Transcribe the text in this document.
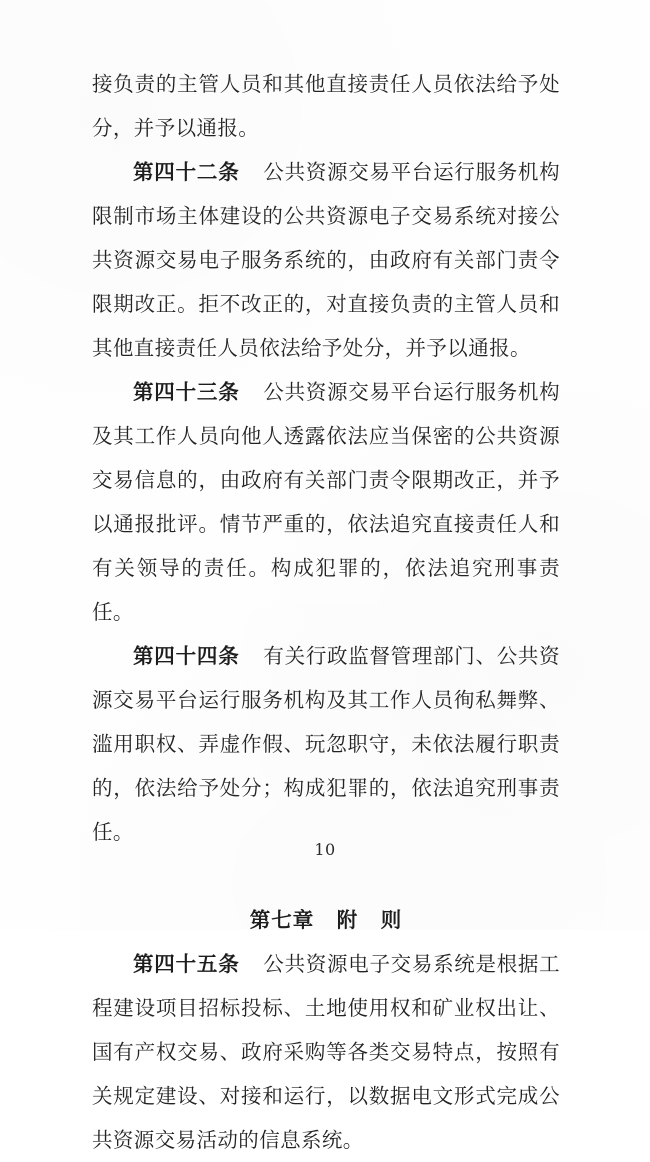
接负责的主管人员和其他直接责任人员依法给予处分，并予以通报。

第四十二条 公共资源交易平台运行服务机构限制市场主体建设的公共资源电子交易系统对接公共资源交易电子服务系统的，由政府有关部门责令限期改正。拒不改正的，对直接负责的主管人员和其他直接责任人员依法给予处分，并予以通报。

第四十三条 公共资源交易平台运行服务机构及其工作人员向他人透露依法应当保密的公共资源交易信息的，由政府有关部门责令限期改正，并予以通报批评。情节严重的，依法追究直接责任人和有关领导的责任。构成犯罪的，依法追究刑事责任。

第四十四条 有关行政监督管理部门、公共资源交易平台运行服务机构及其工作人员徇私舞弊、滥用职权、弄虚作假、玩忽职守，未依法履行职责的，依法给予处分；构成犯罪的，依法追究刑事责任。

第七章 附 则

第四十五条 公共资源电子交易系统是根据工程建设项目招标投标、土地使用权和矿业权出让、国有产权交易、政府采购等各类交易特点，按照有关规定建设、对接和运行，以数据电文形式完成公共资源交易活动的信息系统。

10
